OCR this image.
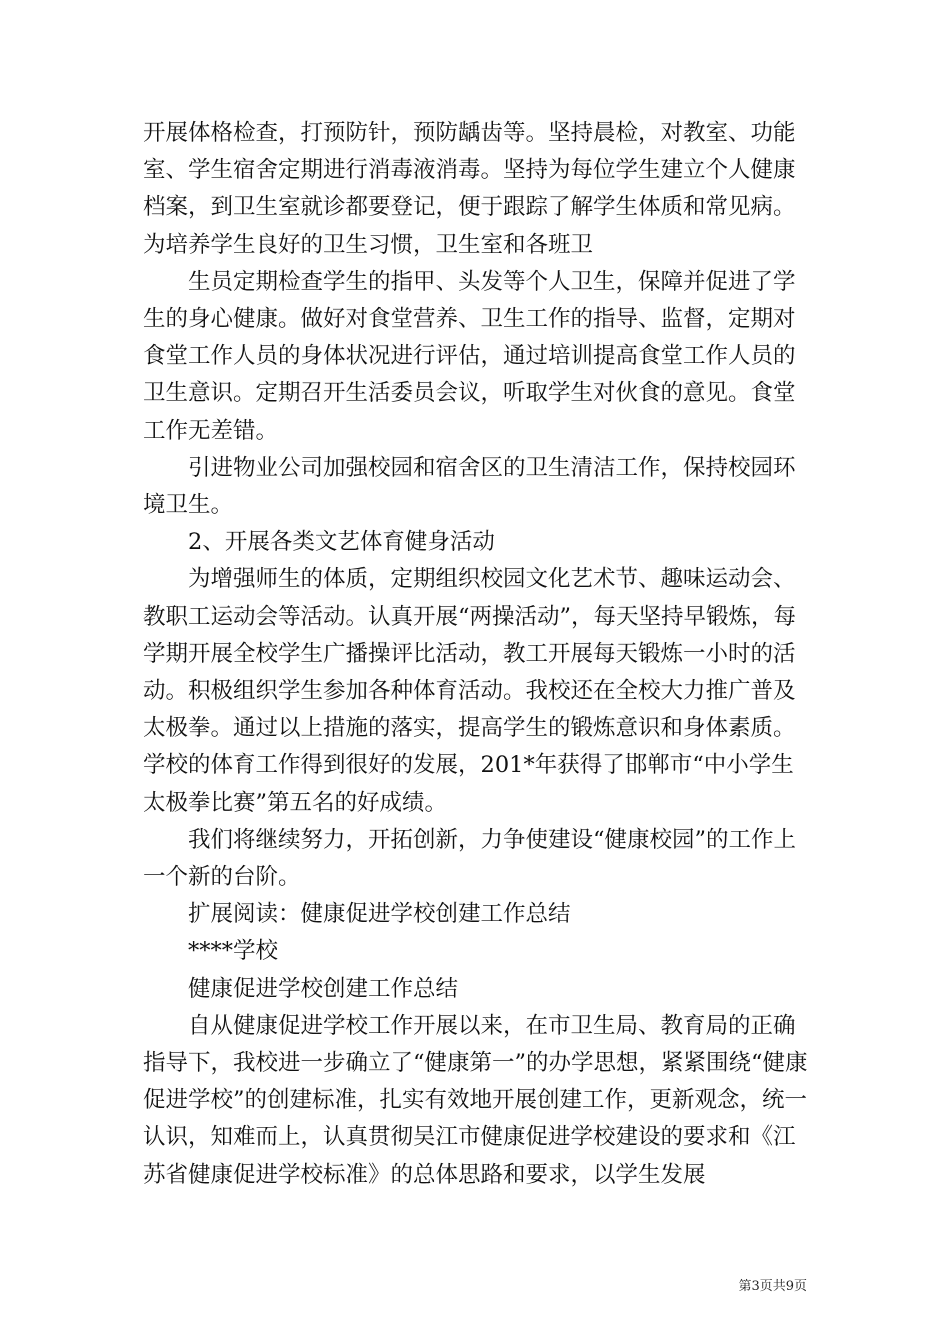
开展体格检查，打预防针，预防龋齿等。坚持晨检，对教室、功能室、学生宿舍定期进行消毒液消毒。坚持为每位学生建立个人健康档案，到卫生室就诊都要登记，便于跟踪了解学生体质和常见病。为培养学生良好的卫生习惯，卫生室和各班卫

生员定期检查学生的指甲、头发等个人卫生，保障并促进了学生的身心健康。做好对食堂营养、卫生工作的指导、监督，定期对食堂工作人员的身体状况进行评估，通过培训提高食堂工作人员的卫生意识。定期召开生活委员会议，听取学生对伙食的意见。食堂工作无差错。

引进物业公司加强校园和宿舍区的卫生清洁工作，保持校园环境卫生。

2、开展各类文艺体育健身活动

为增强师生的体质，定期组织校园文化艺术节、趣味运动会、教职工运动会等活动。认真开展“两操活动”，每天坚持早锻炼，每学期开展全校学生广播操评比活动，教工开展每天锻炼一小时的活动。积极组织学生参加各种体育活动。我校还在全校大力推广普及太极拳。通过以上措施的落实，提高学生的锻炼意识和身体素质。学校的体育工作得到很好的发展，201*年获得了邯郸市“中小学生太极拳比赛”第五名的好成绩。

我们将继续努力，开拓创新，力争使建设“健康校园”的工作上一个新的台阶。

扩展阅读：健康促进学校创建工作总结

****学校

健康促进学校创建工作总结

自从健康促进学校工作开展以来，在市卫生局、教育局的正确指导下，我校进一步确立了“健康第一”的办学思想，紧紧围绕“健康促进学校”的创建标准，扎实有效地开展创建工作，更新观念，统一认识，知难而上，认真贯彻吴江市健康促进学校建设的要求和《江苏省健康促进学校标准》的总体思路和要求，以学生发展

第3页共9页
